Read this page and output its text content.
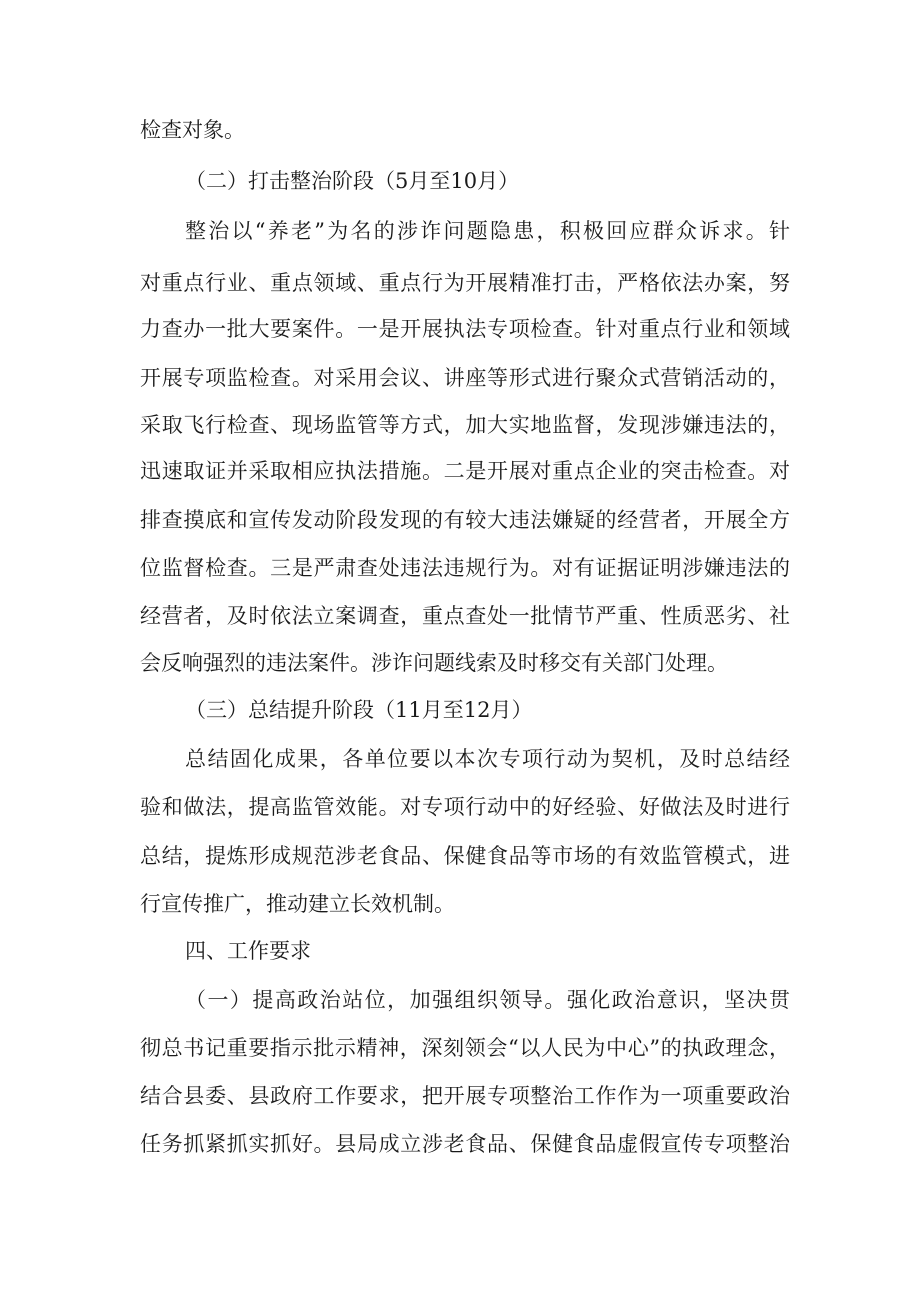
检查对象。
（二）打击整治阶段（5月至10月）
整治以“养老”为名的涉诈问题隐患，积极回应群众诉求。针
对重点行业、重点领域、重点行为开展精准打击，严格依法办案，努
力查办一批大要案件。一是开展执法专项检查。针对重点行业和领域
开展专项监检查。对采用会议、讲座等形式进行聚众式营销活动的，
采取飞行检查、现场监管等方式，加大实地监督，发现涉嫌违法的，
迅速取证并采取相应执法措施。二是开展对重点企业的突击检查。对
排查摸底和宣传发动阶段发现的有较大违法嫌疑的经营者，开展全方
位监督检查。三是严肃查处违法违规行为。对有证据证明涉嫌违法的
经营者，及时依法立案调查，重点查处一批情节严重、性质恶劣、社
会反响强烈的违法案件。涉诈问题线索及时移交有关部门处理。
（三）总结提升阶段（11月至12月）
总结固化成果，各单位要以本次专项行动为契机，及时总结经
验和做法，提高监管效能。对专项行动中的好经验、好做法及时进行
总结，提炼形成规范涉老食品、保健食品等市场的有效监管模式，进
行宣传推广，推动建立长效机制。
四、工作要求
（一）提高政治站位，加强组织领导。强化政治意识，坚决贯
彻总书记重要指示批示精神，深刻领会“以人民为中心”的执政理念，
结合县委、县政府工作要求，把开展专项整治工作作为一项重要政治
任务抓紧抓实抓好。县局成立涉老食品、保健食品虚假宣传专项整治
